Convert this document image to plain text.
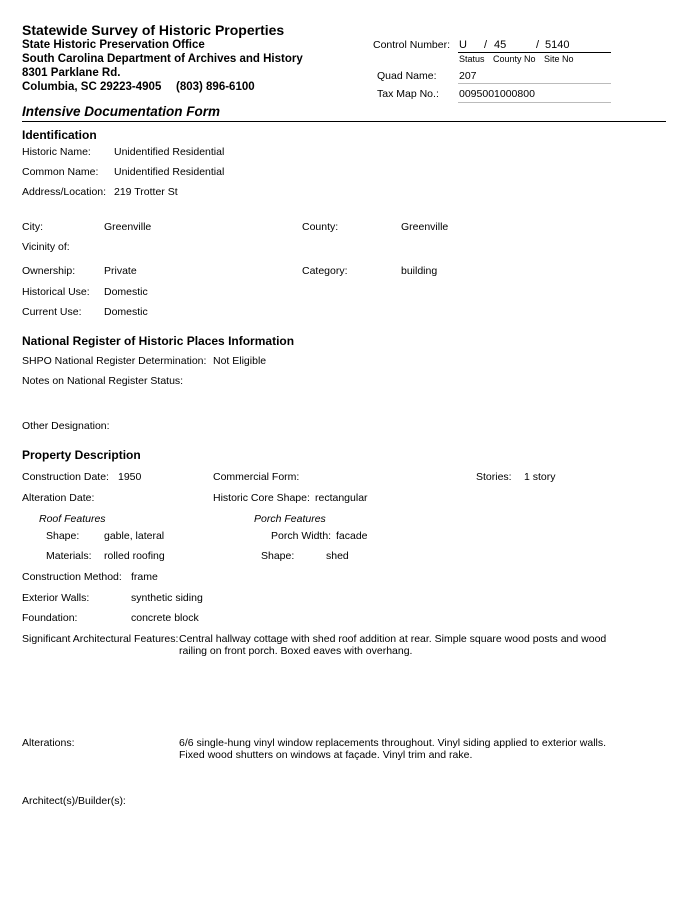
Statewide Survey of Historic Properties
State Historic Preservation Office
South Carolina Department of Archives and History
8301 Parklane Rd.
Columbia, SC 29223-4905 (803) 896-6100
Control Number: U / 45	/ 5140
Status County No Site No
Quad Name: 207
Tax Map No.: 0095001000800
Intensive Documentation Form
Identification
Historic Name: Unidentified Residential
Common Name: Unidentified Residential
Address/Location: 219 Trotter St
City:	Greenville	County:	Greenville
Vicinity of:
Ownership:	Private	Category:	building
Historical Use: Domestic
Current Use: Domestic
National Register of Historic Places Information
SHPO National Register Determination: Not Eligible
Notes on National Register Status:
Other Designation:
Property Description
Construction Date: 1950	Commercial Form:	Stories: 1 story
Alteration Date:	Historic Core Shape: rectangular
Roof Features	Porch Features
Shape: gable, lateral	Porch Width: facade
Materials: rolled roofing	Shape:	shed
Construction Method: frame
Exterior Walls:	synthetic siding
Foundation:	concrete block
Significant Architectural Features: Central hallway cottage with shed roof addition at rear. Simple square wood posts and wood
railing on front porch. Boxed eaves with overhang.
Alterations:	6/6 single-hung vinyl window replacements throughout. Vinyl siding applied to exterior walls.
Fixed wood shutters on windows at façade. Vinyl trim and rake.
Architect(s)/Builder(s):
